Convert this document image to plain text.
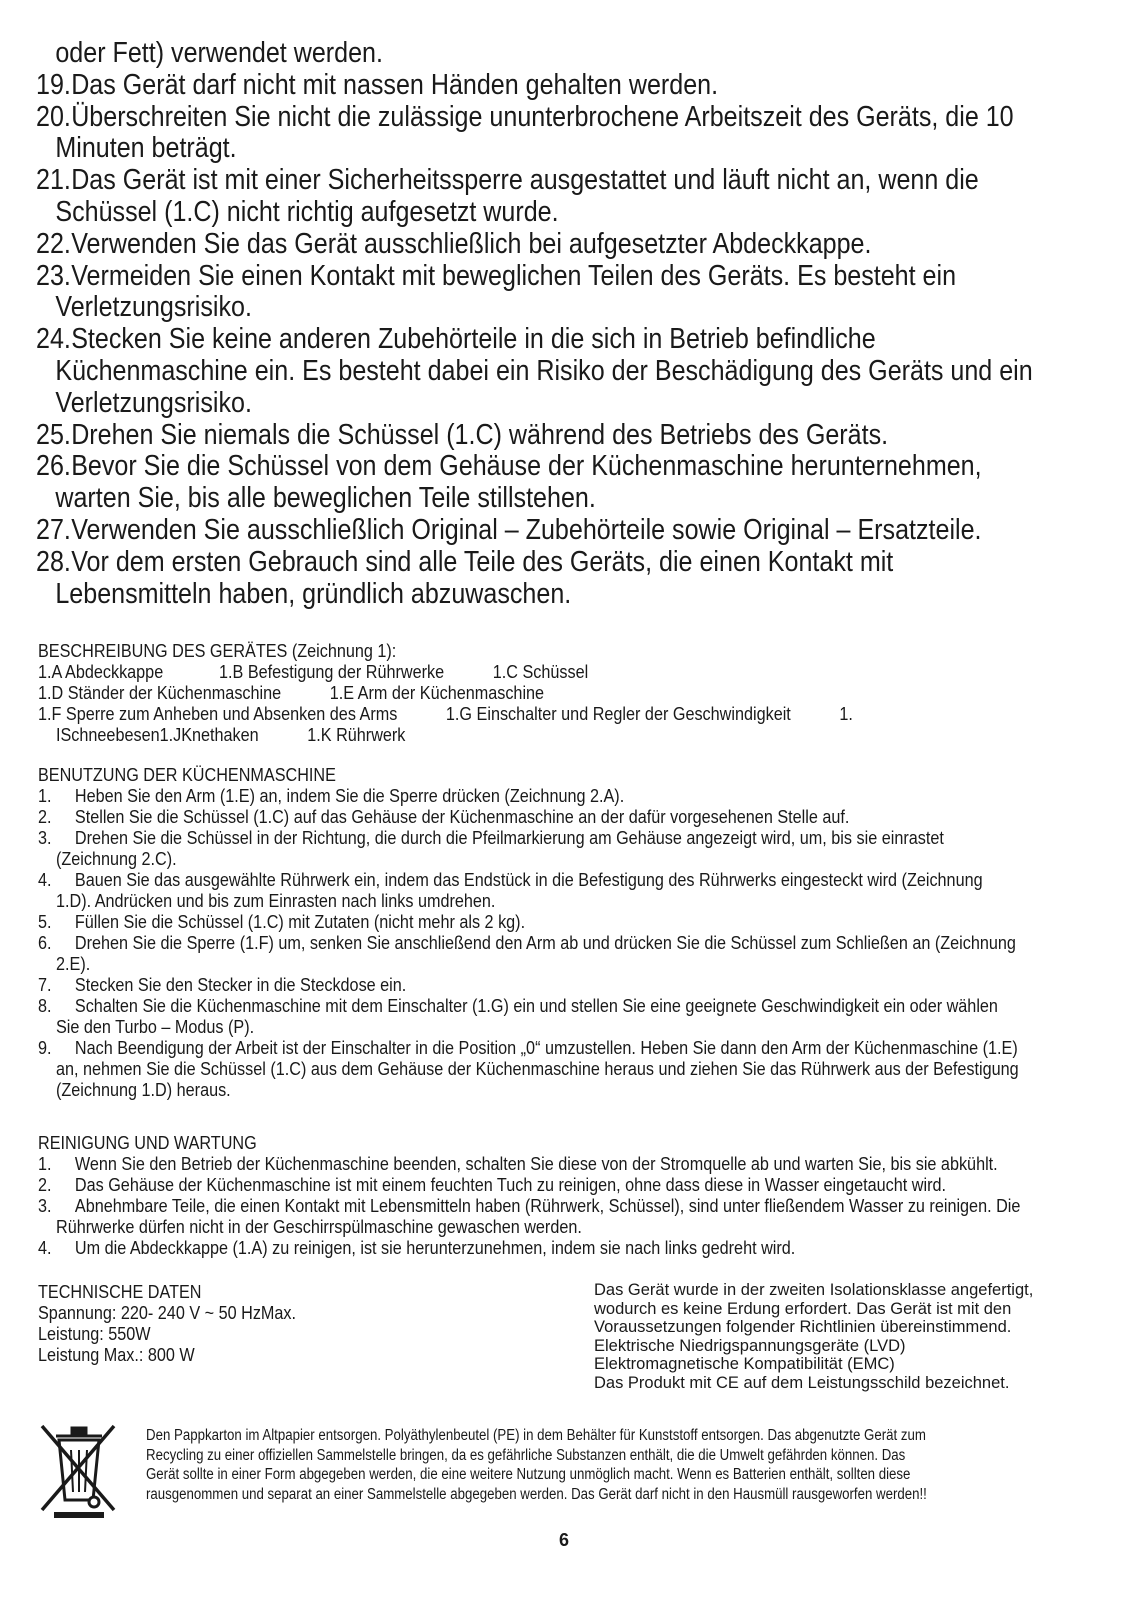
oder Fett) verwendet werden.
19.Das Gerät darf nicht mit nassen Händen gehalten werden.
20.Überschreiten Sie nicht die zulässige ununterbrochene Arbeitszeit des Geräts, die 10
Minuten beträgt.
21.Das Gerät ist mit einer Sicherheitssperre ausgestattet und läuft nicht an, wenn die
Schüssel (1.C) nicht richtig aufgesetzt wurde.
22.Verwenden Sie das Gerät ausschließlich bei aufgesetzter Abdeckkappe.
23.Vermeiden Sie einen Kontakt mit beweglichen Teilen des Geräts. Es besteht ein
Verletzungsrisiko.
24.Stecken Sie keine anderen Zubehörteile in die sich in Betrieb befindliche
Küchenmaschine ein. Es besteht dabei ein Risiko der Beschädigung des Geräts und ein
Verletzungsrisiko.
25.Drehen Sie niemals die Schüssel (1.C) während des Betriebs des Geräts.
26.Bevor Sie die Schüssel von dem Gehäuse der Küchenmaschine herunternehmen,
warten Sie, bis alle beweglichen Teile stillstehen.
27.Verwenden Sie ausschließlich Original – Zubehörteile sowie Original – Ersatzteile.
28.Vor dem ersten Gebrauch sind alle Teile des Geräts, die einen Kontakt mit
Lebensmitteln haben, gründlich abzuwaschen.
BESCHREIBUNG DES GERÄTES (Zeichnung 1):
1.A Abdeckkappe	1.B Befestigung der Rührwerke	1.C Schüssel
1.D Ständer der Küchenmaschine	1.E Arm der Küchenmaschine
1.F Sperre zum Anheben und Absenken des Arms	1.G Einschalter und Regler der Geschwindigkeit	1.
ISchneebesen1.JKnethaken	1.K Rührwerk
BENUTZUNG DER KÜCHENMASCHINE
1. Heben Sie den Arm (1.E) an, indem Sie die Sperre drücken (Zeichnung 2.A).
2. Stellen Sie die Schüssel (1.C) auf das Gehäuse der Küchenmaschine an der dafür vorgesehenen Stelle auf.
3. Drehen Sie die Schüssel in der Richtung, die durch die Pfeilmarkierung am Gehäuse angezeigt wird, um, bis sie einrastet
(Zeichnung 2.C).
4. Bauen Sie das ausgewählte Rührwerk ein, indem das Endstück in die Befestigung des Rührwerks eingesteckt wird (Zeichnung
1.D). Andrücken und bis zum Einrasten nach links umdrehen.
5. Füllen Sie die Schüssel (1.C) mit Zutaten (nicht mehr als 2 kg).
6. Drehen Sie die Sperre (1.F) um, senken Sie anschließend den Arm ab und drücken Sie die Schüssel zum Schließen an (Zeichnung
2.E).
7. Stecken Sie den Stecker in die Steckdose ein.
8. Schalten Sie die Küchenmaschine mit dem Einschalter (1.G) ein und stellen Sie eine geeignete Geschwindigkeit ein oder wählen
Sie den Turbo – Modus (P).
9. Nach Beendigung der Arbeit ist der Einschalter in die Position „0“ umzustellen. Heben Sie dann den Arm der Küchenmaschine (1.E)
an, nehmen Sie die Schüssel (1.C) aus dem Gehäuse der Küchenmaschine heraus und ziehen Sie das Rührwerk aus der Befestigung
(Zeichnung 1.D) heraus.
REINIGUNG UND WARTUNG
1. Wenn Sie den Betrieb der Küchenmaschine beenden, schalten Sie diese von der Stromquelle ab und warten Sie, bis sie abkühlt.
2. Das Gehäuse der Küchenmaschine ist mit einem feuchten Tuch zu reinigen, ohne dass diese in Wasser eingetaucht wird.
3. Abnehmbare Teile, die einen Kontakt mit Lebensmitteln haben (Rührwerk, Schüssel), sind unter fließendem Wasser zu reinigen. Die
Rührwerke dürfen nicht in der Geschirrspülmaschine gewaschen werden.
4. Um die Abdeckkappe (1.A) zu reinigen, ist sie herunterzunehmen, indem sie nach links gedreht wird.
TECHNISCHE DATEN
Spannung: 220- 240 V ~ 50 HzMax.
Leistung: 550W
Leistung Max.: 800 W
Das Gerät wurde in der zweiten Isolationsklasse angefertigt,
wodurch es keine Erdung erfordert. Das Gerät ist mit den
Voraussetzungen folgender Richtlinien übereinstimmend.
Elektrische Niedrigspannungsgeräte (LVD)
Elektromagnetische Kompatibilität (EMC)
Das Produkt mit CE auf dem Leistungsschild bezeichnet.
Den Pappkarton im Altpapier entsorgen. Polyäthylenbeutel (PE) in dem Behälter für Kunststoff entsorgen. Das abgenutzte Gerät zum
Recycling zu einer offiziellen Sammelstelle bringen, da es gefährliche Substanzen enthält, die die Umwelt gefährden können. Das
Gerät sollte in einer Form abgegeben werden, die eine weitere Nutzung unmöglich macht. Wenn es Batterien enthält, sollten diese
rausgenommen und separat an einer Sammelstelle abgegeben werden. Das Gerät darf nicht in den Hausmüll rausgeworfen werden!!
6
